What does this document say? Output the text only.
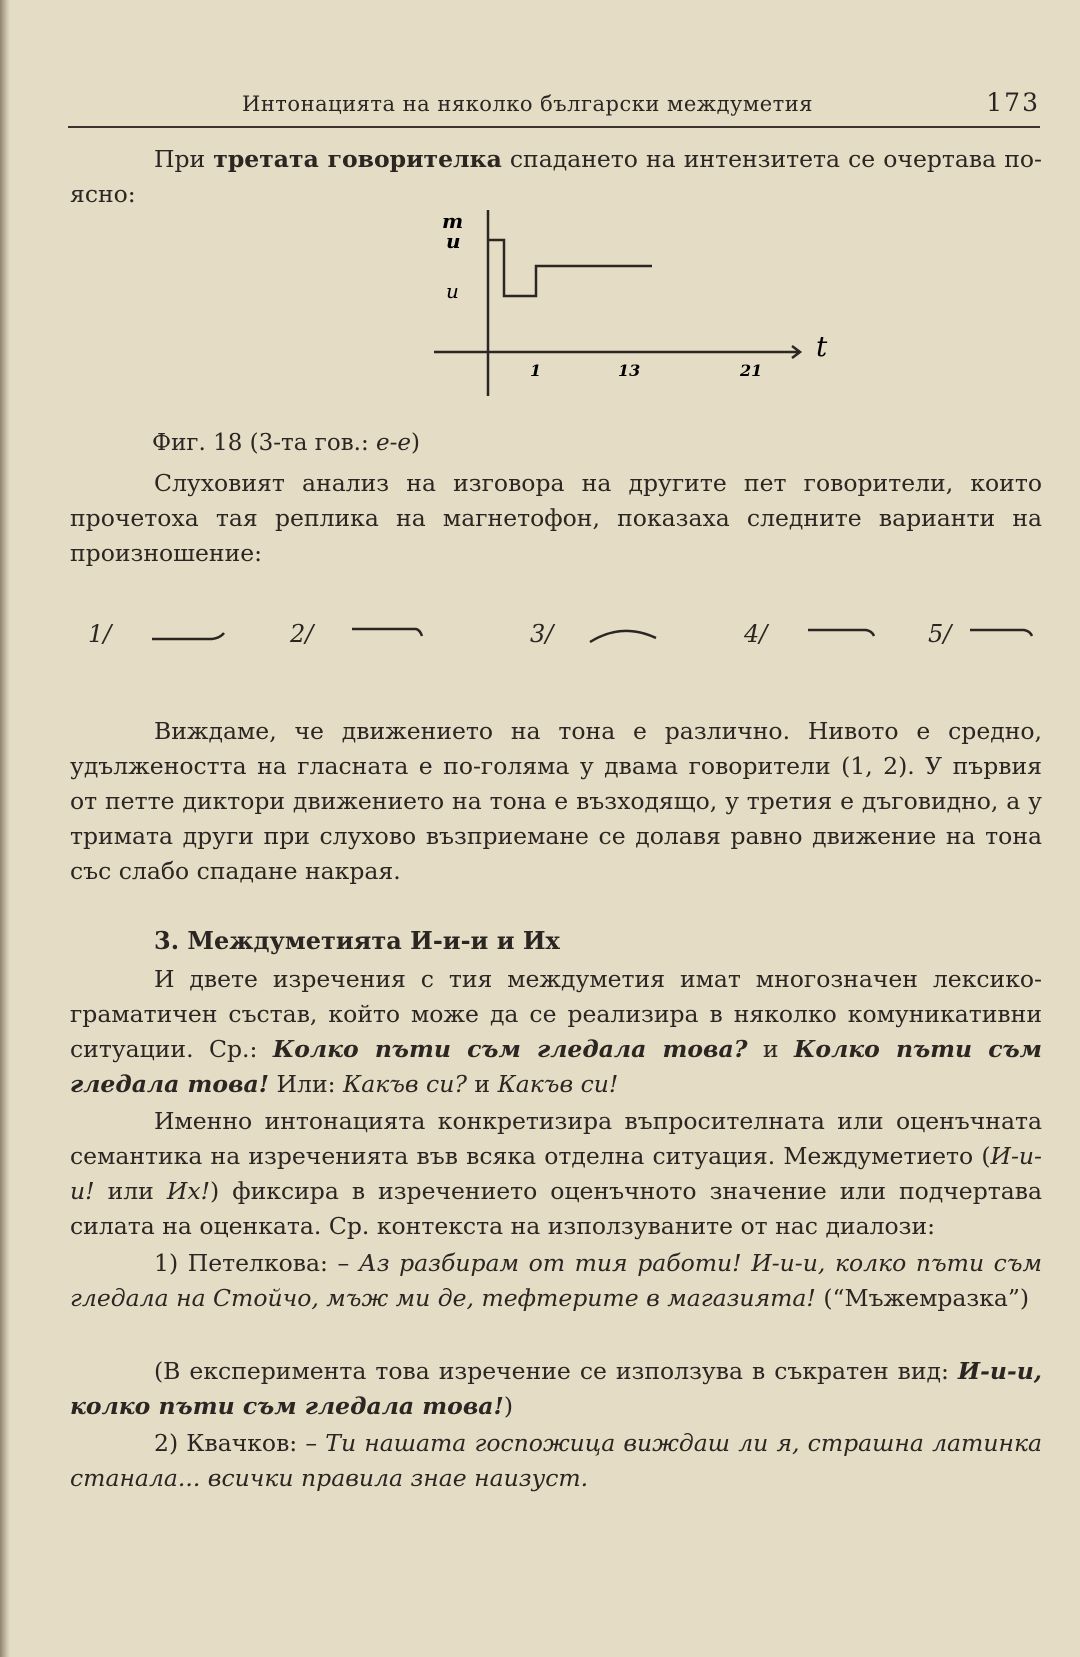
Интонацията на няколко български междуметия	173

При третата говорителка спадането на интензитета се очертава по-ясно:

m
u
u
t
1	13	21
Фиг. 18 (3-та гов.: е-е)

Слуховият анализ на изговора на другите пет говорители, които прочетоха тая реплика на магнетофон, показаха следните варианти на произношение:

1/	2/	3/	4/	5/

Виждаме, че движението на тона е различно. Нивото е средно, удължеността на гласната е по-голяма у двама говорители (1, 2). У първия от петте диктори движението на тона е възходящо, у третия е дъговидно, а у тримата други при слухово възприемане се долавя равно движение на тона със слабо спадане накрая.

3. Междуметията И-и-и и Их

И двете изречения с тия междуметия имат многозначен лексико-граматичен състав, който може да се реализира в няколко комуникативни ситуации. Ср.: Колко пъти съм гледала това? и Колко пъти съм гледала това! Или: Какъв си? и Какъв си!

Именно интонацията конкретизира въпросителната или оценъчната семантика на изреченията във всяка отделна ситуация. Междуметието (И-и-и! или Их!) фиксира в изречението оценъчното значение или подчертава силата на оценката. Ср. контекста на използуваните от нас диалози:

1) Петелкова: – Аз разбирам от тия работи! И-и-и, колко пъти съм гледала на Стойчо, мъж ми де, тефтерите в магазията! (“Мъжемразка”)

(В експеримента това изречение се използува в съкратен вид: И-и-и, колко пъти съм гледала това!)

2) Квачков: – Ти нашата госпожица виждаш ли я, страшна латинка станала... всички правила знае наизуст.
